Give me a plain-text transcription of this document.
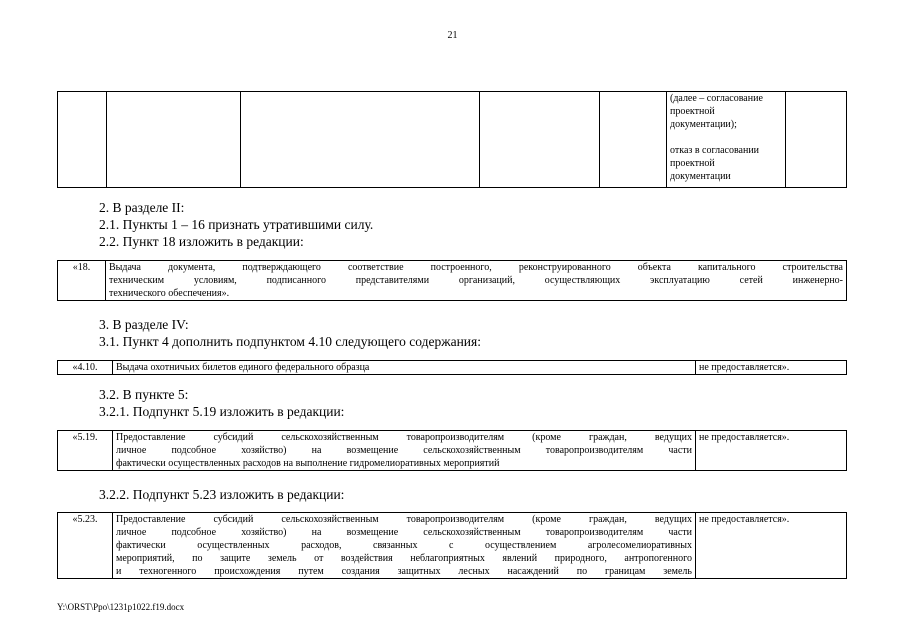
21

(далее – согласование
проектной
документации);
отказ в согласовании
проектной
документации

2. В разделе II:
2.1. Пункты 1 – 16 признать утратившими силу.
2.2. Пункт 18 изложить в редакции:
«18.	Выдача документа, подтверждающего соответствие построенного, реконструированного объекта капитального строительства
техническим условиям, подписанного представителями организаций, осуществляющих эксплуатацию сетей инженерно-
технического обеспечения».
3. В разделе IV:
3.1. Пункт 4 дополнить подпунктом 4.10 следующего содержания:
«4.10.	Выдача охотничьих билетов единого федерального образца	не предоставляется».
3.2. В пункте 5:
3.2.1. Подпункт 5.19 изложить в редакции:
«5.19.	Предоставление субсидий сельскохозяйственным товаропроизводителям (кроме граждан, ведущих
личное подсобное хозяйство) на возмещение сельскохозяйственным товаропроизводителям части
фактически осуществленных расходов на выполнение гидромелиоративных мероприятий
	не предоставляется».
3.2.2. Подпункт 5.23 изложить в редакции:
«5.23.	Предоставление субсидий сельскохозяйственным товаропроизводителям (кроме граждан, ведущих
личное подсобное хозяйство) на возмещение сельскохозяйственным товаропроизводителям части
фактически осуществленных расходов, связанных с осуществлением агролесомелиоративных
мероприятий, по защите земель от воздействия неблагоприятных явлений природного, антропогенного
и техногенного происхождения путем создания защитных лесных насаждений по границам земель
	не предоставляется».
Y:\ORST\Ppo\1231p1022.f19.docx
